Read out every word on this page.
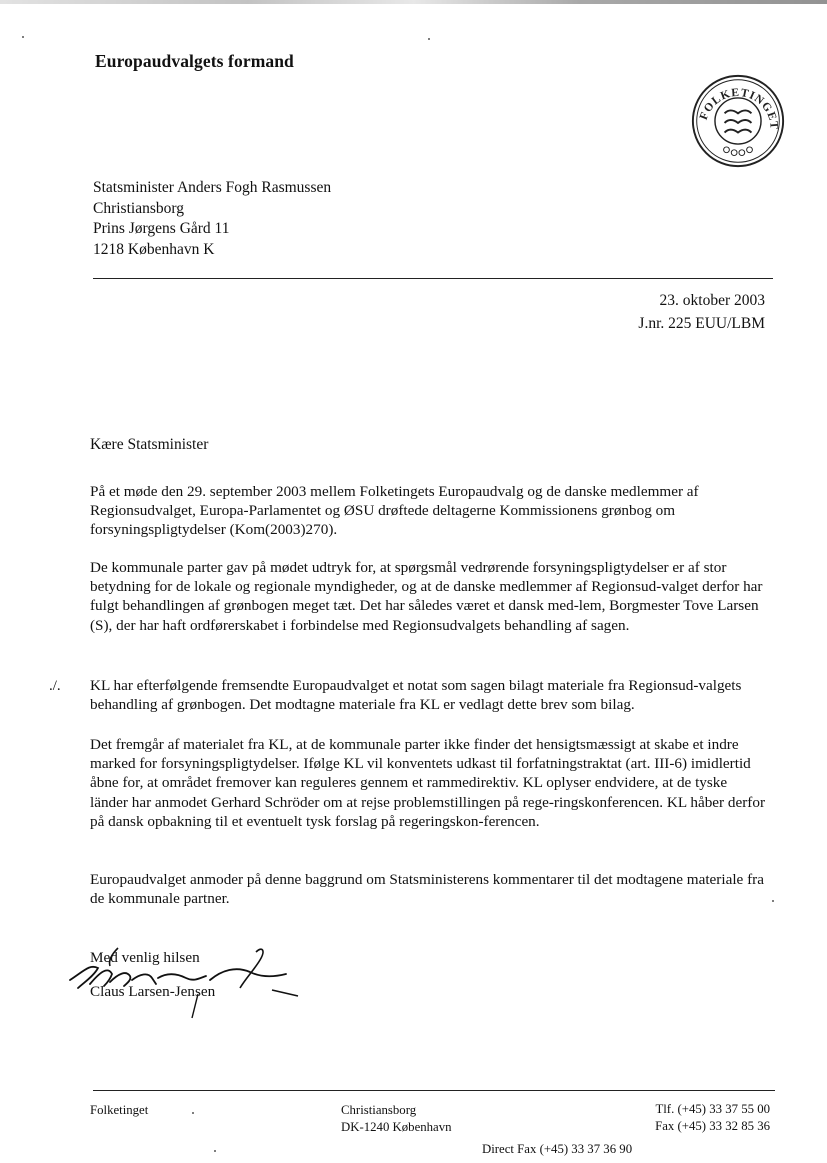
Europaudvalgets formand
FOLKETINGET
Statsminister Anders Fogh Rasmussen
Christiansborg
Prins Jørgens Gård 11
1218 København K
23. oktober 2003
J.nr. 225 EUU/LBM
Kære Statsminister

På et møde den 29. september 2003 mellem Folketingets Europaudvalg og de danske medlemmer af Regionsudvalget, Europa-Parlamentet og ØSU drøftede deltagerne Kommissionens grønbog om forsyningspligtydelser (Kom(2003)270).

De kommunale parter gav på mødet udtryk for, at spørgsmål vedrørende forsyningspligtydelser er af stor betydning for de lokale og regionale myndigheder, og at de danske medlemmer af Regionsud-valget derfor har fulgt behandlingen af grønbogen meget tæt. Det har således været et dansk med-lem, Borgmester Tove Larsen (S), der har haft ordførerskabet i forbindelse med Regionsudvalgets behandling af sagen.

./. KL har efterfølgende fremsendte Europaudvalget et notat som sagen bilagt materiale fra Regionsud-valgets behandling af grønbogen. Det modtagne materiale fra KL er vedlagt dette brev som bilag.

Det fremgår af materialet fra KL, at de kommunale parter ikke finder det hensigtsmæssigt at skabe et indre marked for forsyningspligtydelser. Ifølge KL vil konventets udkast til forfatningstraktat (art. III-6) imidlertid åbne for, at området fremover kan reguleres gennem et rammedirektiv. KL oplyser endvidere, at de tyske länder har anmodet Gerhard Schröder om at rejse problemstillingen på rege-ringskonferencen. KL håber derfor på dansk opbakning til et eventuelt tysk forslag på regeringskon-ferencen.

Europaudvalget anmoder på denne baggrund om Statsministerens kommentarer til det modtagene materiale fra de kommunale partner.

Med venlig hilsen
Claus Larsen-Jensen
Folketinget	Christiansborg
DK-1240 København
Tlf. (+45) 33 37 55 00
Fax (+45) 33 32 85 36
Direct Fax (+45) 33 37 36 90
